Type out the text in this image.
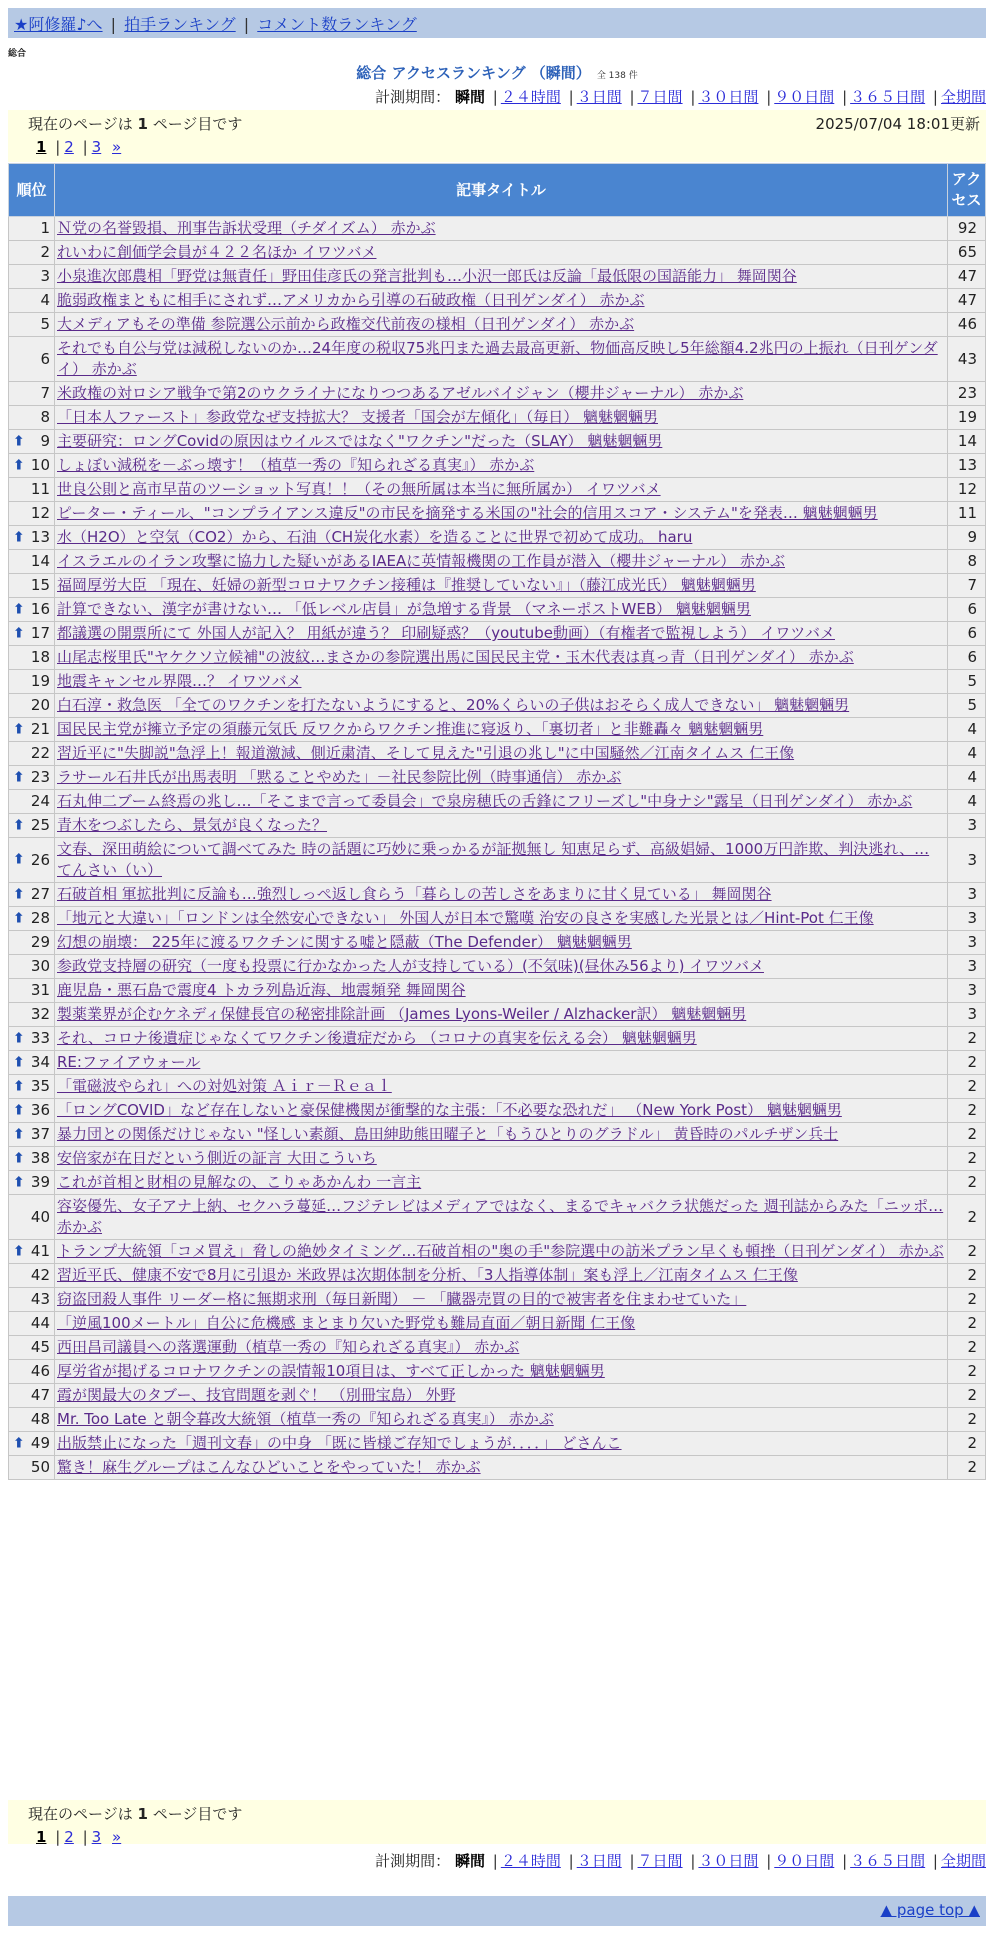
★阿修羅♪へ | 拍手ランキング | コメント数ランキング
総合
総合 アクセスランキング （瞬間） 全 138 件
計測期間： 瞬間 | ２４時間 | ３日間 | ７日間 | ３０日間 | ９０日間 | ３６５日間 | 全期間
現在のページは 1 ページ目です	2025/07/04 18:01更新
1 | 2 | 3 »
順位	記事タイトル	アクセス
1	Ｎ党の名誉毀損、刑事告訴状受理（チダイズム） 赤かぶ	92
2	れいわに創価学会員が４２２名ほか イワツバメ	65
3	小泉進次郎農相「野党は無責任」野田佳彦氏の発言批判も…小沢一郎氏は反論「最低限の国語能力」 舞岡関谷	47
4	脆弱政権まともに相手にされず…アメリカから引導の石破政権（日刊ゲンダイ） 赤かぶ	47
5	大メディアもその準備 参院選公示前から政権交代前夜の様相（日刊ゲンダイ） 赤かぶ	46
6	それでも自公与党は減税しないのか…24年度の税収75兆円また過去最高更新、物価高反映し5年総額4.2兆円の上振れ（日刊ゲンダイ） 赤かぶ	43
7	米政権の対ロシア戦争で第2のウクライナになりつつあるアゼルバイジャン（櫻井ジャーナル） 赤かぶ	23
8	「日本人ファースト」参政党なぜ支持拡大？ 支援者「国会が左傾化」（毎日） 魑魅魍魎男	19

⬆ 9	主要研究：ロングCovidの原因はウイルスではなく"ワクチン"だった（SLAY） 魑魅魍魎男	14

⬆ 10	しょぼい減税を－ぶっ壊す！（植草一秀の『知られざる真実』） 赤かぶ	13
11	世良公則と高市早苗のツーショット写真！！（その無所属は本当に無所属か） イワツバメ	12
12	ピーター・ティール、"コンプライアンス違反"の市民を摘発する米国の"社会的信用スコア・システム"を発表… 魑魅魍魎男	11

⬆ 13	水（H2O）と空気（CO2）から、石油（CH炭化水素）を造ることに世界で初めて成功。 haru	9
14	イスラエルのイラン攻撃に協力した疑いがあるIAEAに英情報機関の工作員が潜入（櫻井ジャーナル） 赤かぶ	8
15	福岡厚労大臣 「現在、妊婦の新型コロナワクチン接種は『推奨していない』」（藤江成光氏） 魑魅魍魎男	7

⬆ 16	計算できない、漢字が書けない… 「低レベル店員」が急増する背景 （マネーポストWEB） 魑魅魍魎男	6

⬆ 17	都議選の開票所にて 外国人が記入？ 用紙が違う？ 印刷疑惑？（youtube動画）（有権者で監視しよう） イワツバメ	6
18	山尾志桜里氏"ヤケクソ立候補"の波紋…まさかの参院選出馬に国民民主党・玉木代表は真っ青（日刊ゲンダイ） 赤かぶ	6
19	地震キャンセル界隈…？ イワツバメ	5
20	白石淳・救急医 「全てのワクチンを打たないようにすると、20%くらいの子供はおそらく成人できない」 魑魅魍魎男	5

⬆ 21	国民民主党が擁立予定の須藤元気氏 反ワクからワクチン推進に寝返り、「裏切者」と非難轟々 魑魅魍魎男	4
22	習近平に"失脚説"急浮上！報道激減、側近粛清、そして見えた"引退の兆し"に中国騒然／江南タイムス 仁王像	4

⬆ 23	ラサール石井氏が出馬表明 「黙ることやめた」－社民参院比例（時事通信） 赤かぶ	4
24	石丸伸二ブーム終焉の兆し…「そこまで言って委員会」で泉房穂氏の舌鋒にフリーズし"中身ナシ"露呈（日刊ゲンダイ） 赤かぶ	4

⬆ 25	青木をつぶしたら、景気が良くなった？	3

⬆ 26	文春、深田萌絵について調べてみた 時の話題に巧妙に乗っかるが証拠無し 知恵足らず、高級娼婦、1000万円詐欺、判決逃れ、… てんさい（い）	3

⬆ 27	石破首相 軍拡批判に反論も…強烈しっぺ返し食らう「暮らしの苦しさをあまりに甘く見ている」 舞岡関谷	3

⬆ 28	「地元と大違い」「ロンドンは全然安心できない」 外国人が日本で驚嘆 治安の良さを実感した光景とは／Hint-Pot 仁王像	3
29	幻想の崩壊： 225年に渡るワクチンに関する嘘と隠蔽（The Defender） 魑魅魍魎男	3
30	参政党支持層の研究（一度も投票に行かなかった人が支持している）(不気味)(昼休み56より) イワツバメ	3
31	鹿児島・悪石島で震度4 トカラ列島近海、地震頻発 舞岡関谷	3
32	製薬業界が企むケネディ保健長官の秘密排除計画 （James Lyons-Weiler / Alzhacker訳） 魑魅魍魎男	3

⬆ 33	それ、コロナ後遺症じゃなくてワクチン後遺症だから （コロナの真実を伝える会） 魑魅魍魎男	2

⬆ 34	RE:ファイアウォール	2

⬆ 35	「電磁波やられ」への対処対策 Ａｉｒ－Ｒｅａｌ	2

⬆ 36	「ロングCOVID」など存在しないと豪保健機関が衝撃的な主張：「不必要な恐れだ」 （New York Post） 魑魅魍魎男	2

⬆ 37	暴力団との関係だけじゃない "怪しい素顔、島田紳助熊田曜子と「もうひとりのグラドル」 黄昏時のパルチザン兵士	2

⬆ 38	安倍家が在日だという側近の証言 大田こういち	2

⬆ 39	これが首相と財相の見解なの、こりゃあかんわ 一言主	2
40	容姿優先、女子アナ上納、セクハラ蔓延…フジテレビはメディアではなく、まるでキャバクラ状態だった 週刊誌からみた「ニッポ… 赤かぶ	2

⬆ 41	トランプ大統領「コメ買え」脅しの絶妙タイミング…石破首相の"奥の手"参院選中の訪米プラン早くも頓挫（日刊ゲンダイ） 赤かぶ	2
42	習近平氏、健康不安で8月に引退か 米政界は次期体制を分析、「3人指導体制」案も浮上／江南タイムス 仁王像	2
43	窃盗団殺人事件 リーダー格に無期求刑（毎日新聞） － 「臓器売買の目的で被害者を住まわせていた」	2
44	「逆風100メートル」自公に危機感 まとまり欠いた野党も難局直面／朝日新聞 仁王像	2
45	西田昌司議員への落選運動（植草一秀の『知られざる真実』） 赤かぶ	2
46	厚労省が掲げるコロナワクチンの誤情報10項目は、すべて正しかった 魑魅魍魎男	2
47	霞が関最大のタブー、技官問題を剥ぐ！ （別冊宝島） 外野	2
48	Mr. Too Late と朝令暮改大統領（植草一秀の『知られざる真実』） 赤かぶ	2

⬆ 49	出版禁止になった「週刊文春」の中身 「既に皆様ご存知でしょうが．．．．」 どさんこ	2
50	驚き！麻生グループはこんなひどいことをやっていた！ 赤かぶ	2
現在のページは 1 ページ目です
1 | 2 | 3 »
計測期間： 瞬間 | ２４時間 | ３日間 | ７日間 | ３０日間 | ９０日間 | ３６５日間 | 全期間
▲ page top ▲
